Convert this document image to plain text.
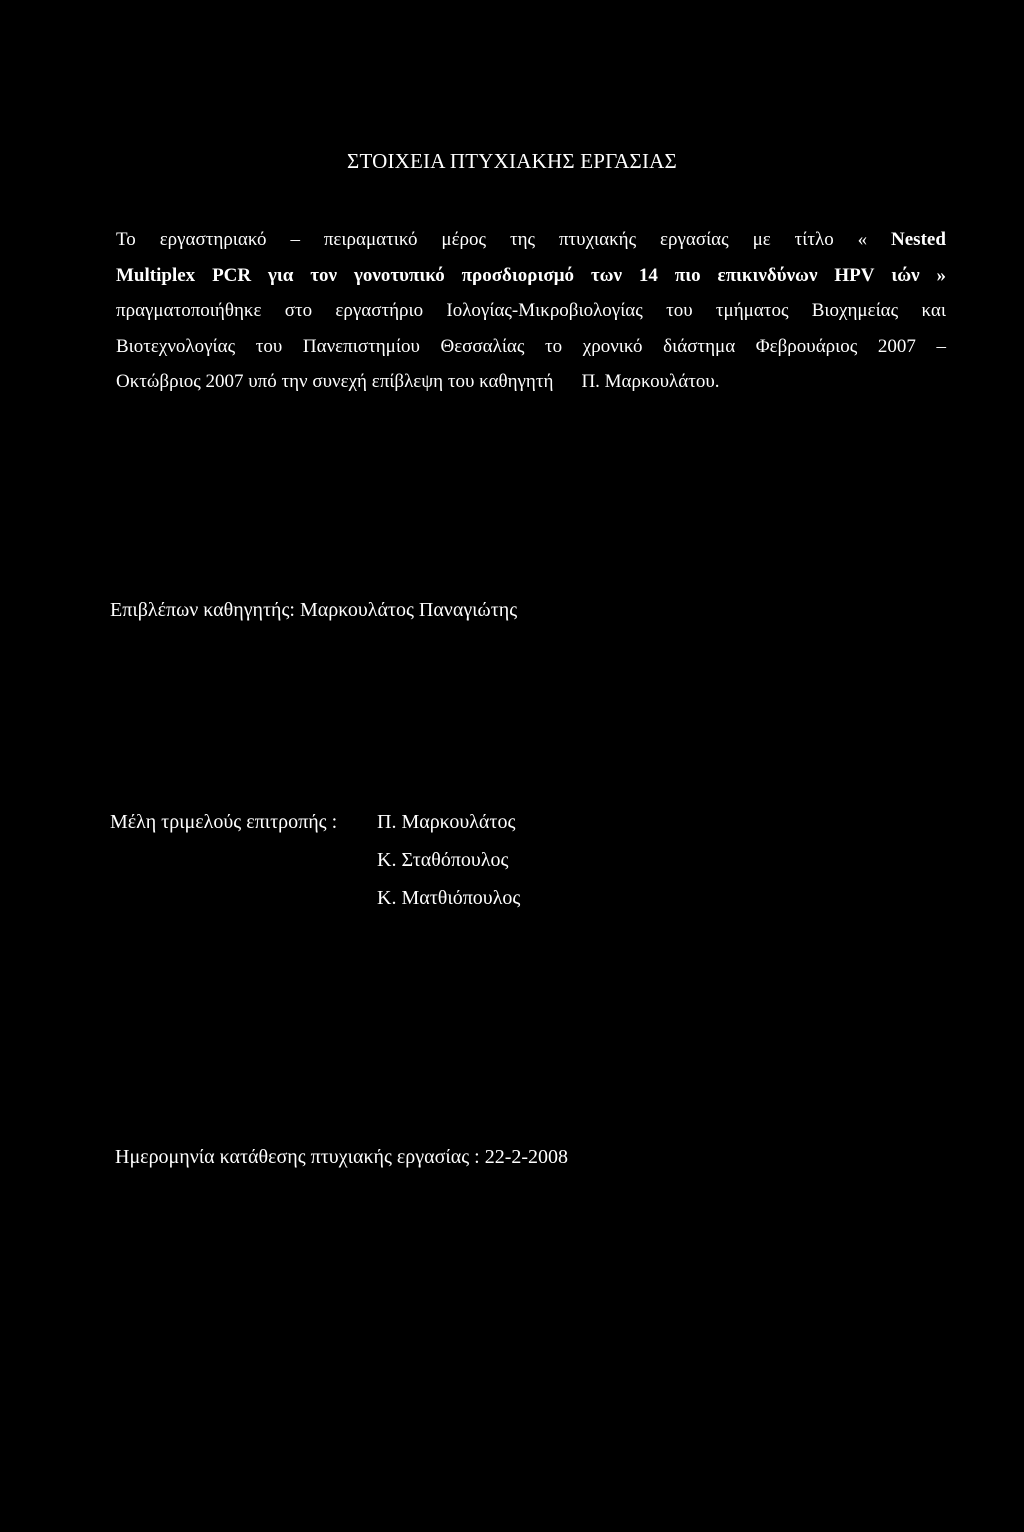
ΣΤΟΙΧΕΙΑ ΠΤΥΧΙΑΚΗΣ ΕΡΓΑΣΙΑΣ
Το εργαστηριακό – πειραματικό μέρος της πτυχιακής εργασίας με τίτλο « Nested
Multiplex PCR για τον γονοτυπικό προσδιορισμό των 14 πιο επικινδύνων HPV ιών »
πραγματοποιήθηκε στο εργαστήριο Ιολογίας-Μικροβιολογίας του τμήματος Βιοχημείας και
Βιοτεχνολογίας του Πανεπιστημίου Θεσσαλίας το χρονικό διάστημα Φεβρουάριος 2007 –
Οκτώβριος 2007 υπό την συνεχή επίβλεψη του καθηγητή Π. Μαρκουλάτου.
Επιβλέπων καθηγητής: Μαρκουλάτος Παναγιώτης
Μέλη τριμελούς επιτροπής : Π. Μαρκουλάτος
Κ. Σταθόπουλος
Κ. Ματθιόπουλος
Ημερομηνία κατάθεσης πτυχιακής εργασίας : 22-2-2008
